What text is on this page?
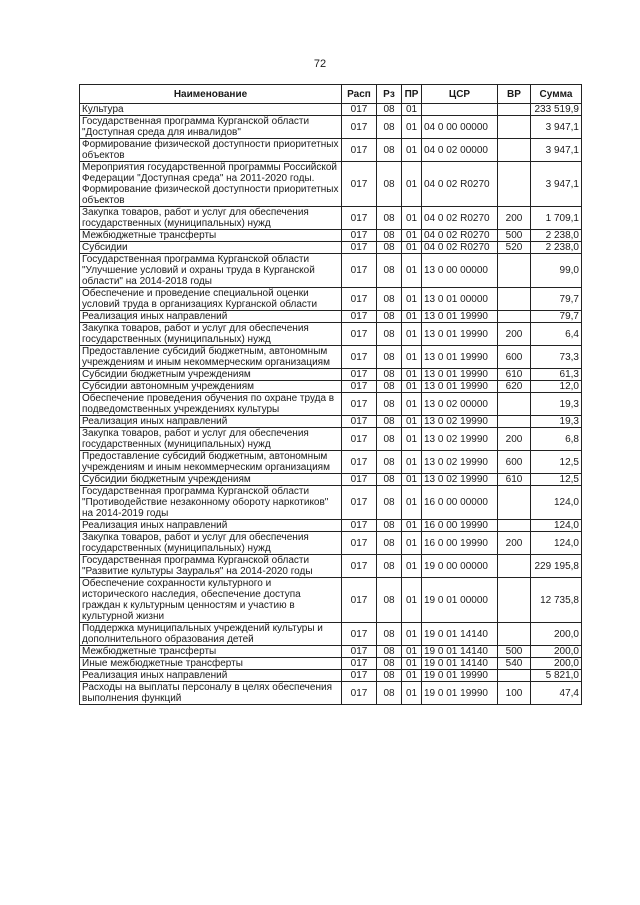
72
Наименование	Расп	Рз	ПР	ЦСР	ВР	Сумма
Культура	017	08	01			233 519,9
Государственная программа Курганской области "Доступная среда для инвалидов"	017	08	01	04 0 00 00000		3 947,1
Формирование физической доступности приоритетных объектов	017	08	01	04 0 02 00000		3 947,1
Мероприятия государственной программы Российской Федерации "Доступная среда" на 2011-2020 годы. Формирование физической доступности приоритетных объектов	017	08	01	04 0 02 R0270		3 947,1
Закупка товаров, работ и услуг для обеспечения государственных (муниципальных) нужд	017	08	01	04 0 02 R0270	200	1 709,1
Межбюджетные трансферты	017	08	01	04 0 02 R0270	500	2 238,0
Субсидии	017	08	01	04 0 02 R0270	520	2 238,0
Государственная программа Курганской области "Улучшение условий и охраны труда в Курганской области" на 2014-2018 годы	017	08	01	13 0 00 00000		99,0
Обеспечение и проведение специальной оценки условий труда в организациях Курганской области	017	08	01	13 0 01 00000		79,7
Реализация иных направлений	017	08	01	13 0 01 19990		79,7
Закупка товаров, работ и услуг для обеспечения государственных (муниципальных) нужд	017	08	01	13 0 01 19990	200	6,4
Предоставление субсидий бюджетным, автономным учреждениям и иным некоммерческим организациям	017	08	01	13 0 01 19990	600	73,3
Субсидии бюджетным учреждениям	017	08	01	13 0 01 19990	610	61,3
Субсидии автономным учреждениям	017	08	01	13 0 01 19990	620	12,0
Обеспечение проведения обучения по охране труда в подведомственных учреждениях культуры	017	08	01	13 0 02 00000		19,3
Реализация иных направлений	017	08	01	13 0 02 19990		19,3
Закупка товаров, работ и услуг для обеспечения государственных (муниципальных) нужд	017	08	01	13 0 02 19990	200	6,8
Предоставление субсидий бюджетным, автономным учреждениям и иным некоммерческим организациям	017	08	01	13 0 02 19990	600	12,5
Субсидии бюджетным учреждениям	017	08	01	13 0 02 19990	610	12,5
Государственная программа Курганской области "Противодействие незаконному обороту наркотиков" на 2014-2019 годы	017	08	01	16 0 00 00000		124,0
Реализация иных направлений	017	08	01	16 0 00 19990		124,0
Закупка товаров, работ и услуг для обеспечения государственных (муниципальных) нужд	017	08	01	16 0 00 19990	200	124,0
Государственная программа Курганской области "Развитие культуры Зауралья" на 2014-2020 годы	017	08	01	19 0 00 00000		229 195,8
Обеспечение сохранности культурного и исторического наследия, обеспечение доступа граждан к культурным ценностям и участию в культурной жизни	017	08	01	19 0 01 00000		12 735,8
Поддержка муниципальных учреждений культуры и дополнительного образования детей	017	08	01	19 0 01 14140		200,0
Межбюджетные трансферты	017	08	01	19 0 01 14140	500	200,0
Иные межбюджетные трансферты	017	08	01	19 0 01 14140	540	200,0
Реализация иных направлений	017	08	01	19 0 01 19990		5 821,0
Расходы на выплаты персоналу в целях обеспечения выполнения функций	017	08	01	19 0 01 19990	100	47,4
